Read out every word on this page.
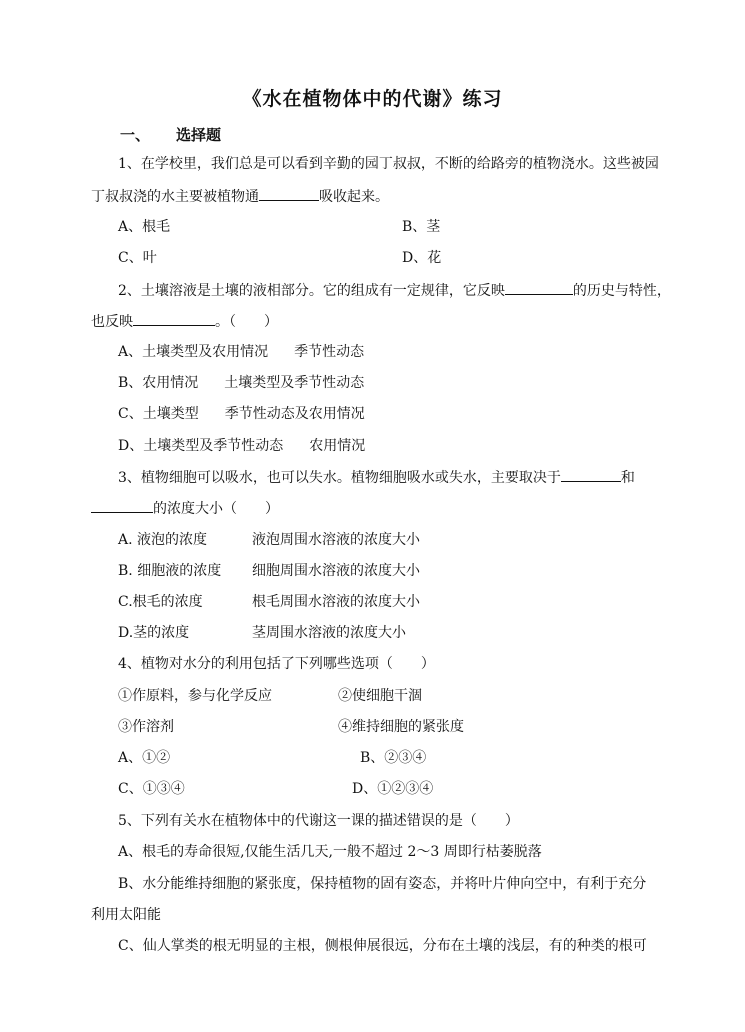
《水在植物体中的代谢》练习
一、 选择题
1、在学校里，我们总是可以看到辛勤的园丁叔叔，不断的给路旁的植物浇水。这些被园
丁叔叔浇的水主要被植物通	吸收起来。
A、根毛	B、茎
C、叶	D、花
2、土壤溶液是土壤的液相部分。它的组成有一定规律，它反映	的历史与特性，
也反映	。（　　）
A、土壤类型及农用情况 季节性动态
B、农用情况 土壤类型及季节性动态
C、土壤类型 季节性动态及农用情况
D、土壤类型及季节性动态 农用情况
3、植物细胞可以吸水，也可以失水。植物细胞吸水或失水，主要取决于	和
的浓度大小（　　）
A. 液泡的浓度	液泡周围水溶液的浓度大小
B. 细胞液的浓度 细胞周围水溶液的浓度大小
C.根毛的浓度	根毛周围水溶液的浓度大小
D.茎的浓度	茎周围水溶液的浓度大小
4、植物对水分的利用包括了下列哪些选项（　　）
①作原料，参与化学反应	②使细胞干涸
③作溶剂	④维持细胞的紧张度
A、①②	B、②③④
C、①③④	D、①②③④
5、下列有关水在植物体中的代谢这一课的描述错误的是（　　）
A、根毛的寿命很短,仅能生活几天,一般不超过 2～3 周即行枯萎脱落
B、水分能维持细胞的紧张度，保持植物的固有姿态，并将叶片伸向空中，有利于充分
利用太阳能
C、仙人掌类的根无明显的主根，侧根伸展很远，分布在土壤的浅层，有的种类的根可
